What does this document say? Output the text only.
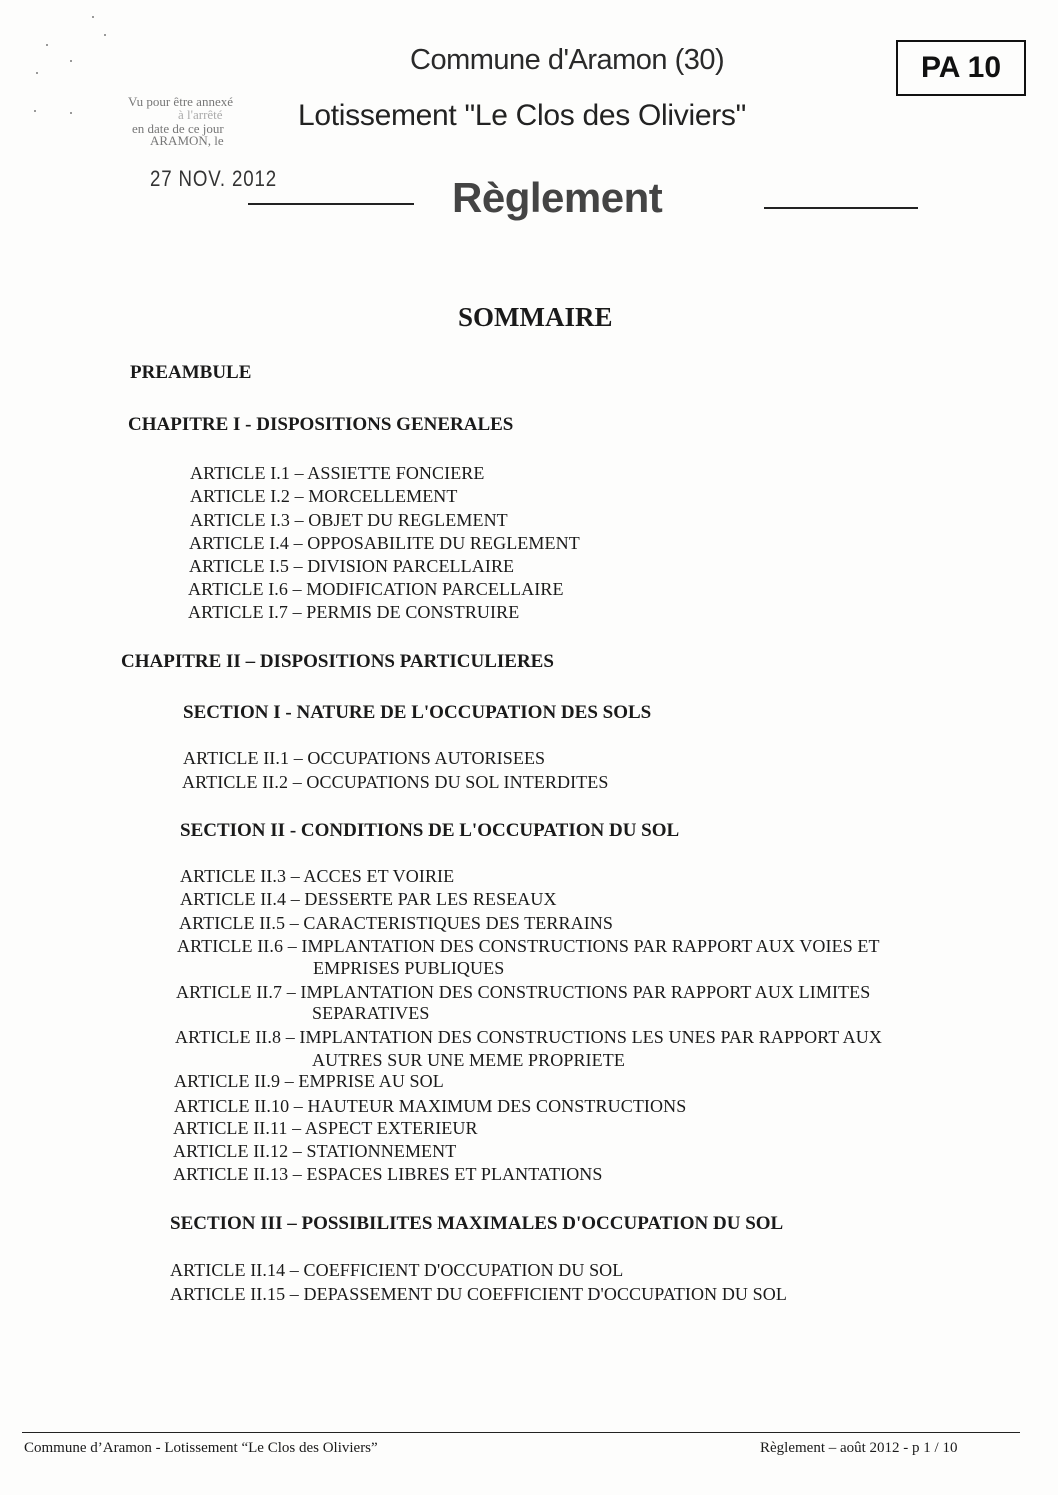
Commune d'Aramon (30)
Lotissement "Le Clos des Oliviers"
Règlement
PA 10
Vu pour être annexé
à l'arrêté
en date de ce jour
ARAMON, le
27 NOV. 2012
SOMMAIRE
PREAMBULE
CHAPITRE I - DISPOSITIONS GENERALES
ARTICLE I.1 – ASSIETTE FONCIERE
ARTICLE I.2 – MORCELLEMENT
ARTICLE I.3 – OBJET DU REGLEMENT
ARTICLE I.4 – OPPOSABILITE DU REGLEMENT
ARTICLE I.5 – DIVISION PARCELLAIRE
ARTICLE I.6 – MODIFICATION PARCELLAIRE
ARTICLE I.7 – PERMIS DE CONSTRUIRE
CHAPITRE II – DISPOSITIONS PARTICULIERES
SECTION I - NATURE DE L'OCCUPATION DES SOLS
ARTICLE II.1 – OCCUPATIONS AUTORISEES
ARTICLE II.2 – OCCUPATIONS DU SOL INTERDITES
SECTION II - CONDITIONS DE L'OCCUPATION DU SOL
ARTICLE II.3 – ACCES ET VOIRIE
ARTICLE II.4 – DESSERTE PAR LES RESEAUX
ARTICLE II.5 – CARACTERISTIQUES DES TERRAINS
ARTICLE II.6 – IMPLANTATION DES CONSTRUCTIONS PAR RAPPORT AUX VOIES ET
EMPRISES PUBLIQUES
ARTICLE II.7 – IMPLANTATION DES CONSTRUCTIONS PAR RAPPORT AUX LIMITES
SEPARATIVES
ARTICLE II.8 – IMPLANTATION DES CONSTRUCTIONS LES UNES PAR RAPPORT AUX
AUTRES SUR UNE MEME PROPRIETE
ARTICLE II.9 – EMPRISE AU SOL
ARTICLE II.10 – HAUTEUR MAXIMUM DES CONSTRUCTIONS
ARTICLE II.11 – ASPECT EXTERIEUR
ARTICLE II.12 – STATIONNEMENT
ARTICLE II.13 – ESPACES LIBRES ET PLANTATIONS
SECTION III – POSSIBILITES MAXIMALES D'OCCUPATION DU SOL
ARTICLE II.14 – COEFFICIENT D'OCCUPATION DU SOL
ARTICLE II.15 – DEPASSEMENT DU COEFFICIENT D'OCCUPATION DU SOL
Commune d’Aramon - Lotissement “Le Clos des Oliviers”	Règlement – août 2012 - p 1 / 10
